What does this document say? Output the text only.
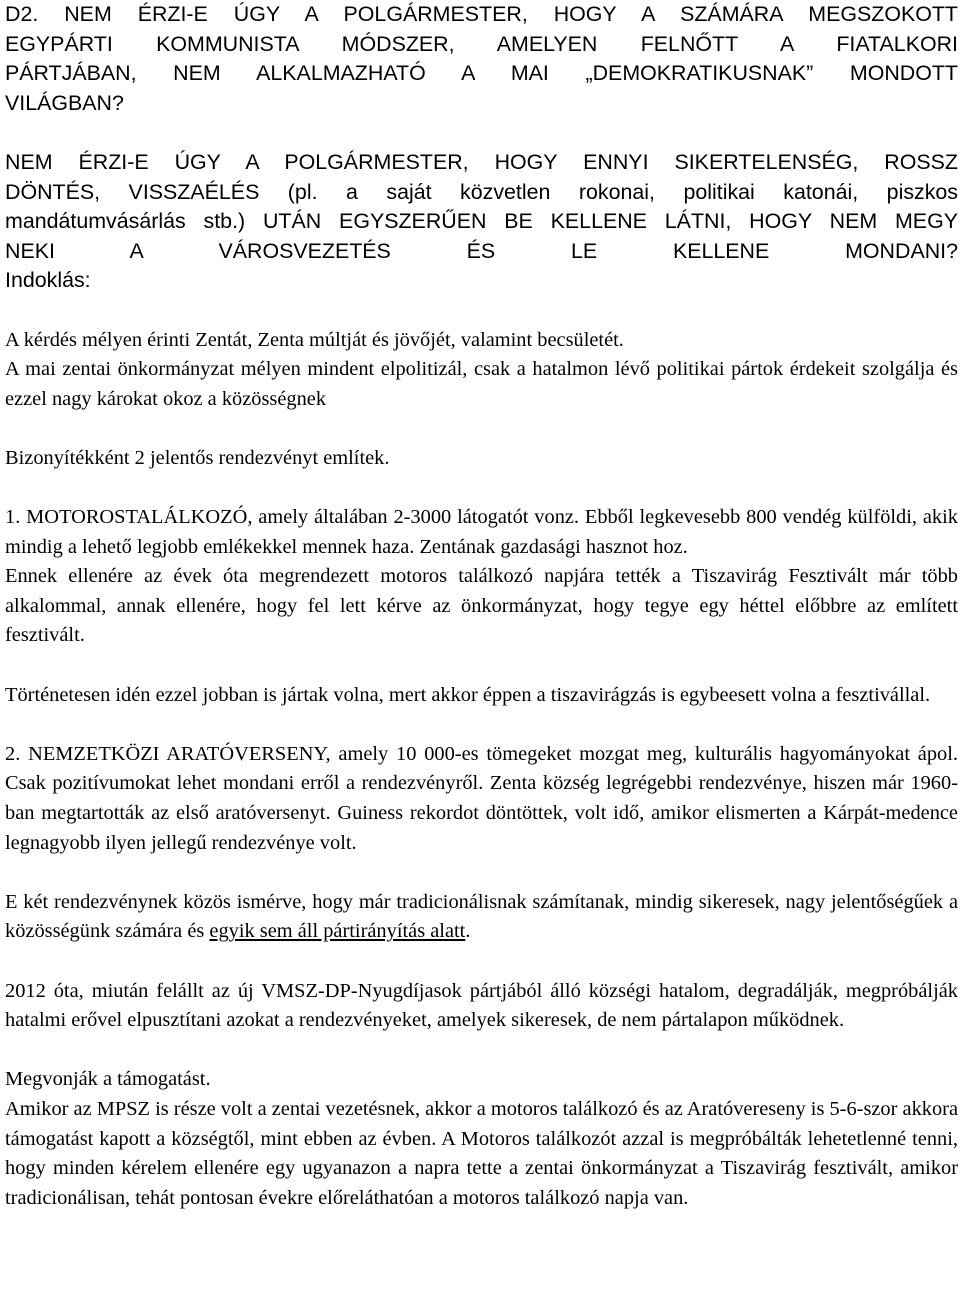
D2. NEM ÉRZI-E ÚGY A POLGÁRMESTER, HOGY A SZÁMÁRA MEGSZOKOTT

EGYPÁRTI KOMMUNISTA MÓDSZER, AMELYEN FELNŐTT A FIATALKORI

PÁRTJÁBAN, NEM ALKALMAZHATÓ A MAI „DEMOKRATIKUSNAK” MONDOTT

VILÁGBAN?

NEM ÉRZI-E ÚGY A POLGÁRMESTER, HOGY ENNYI SIKERTELENSÉG, ROSSZ

DÖNTÉS, VISSZAÉLÉS (pl. a saját közvetlen rokonai, politikai katonái, piszkos

mandátumvásárlás stb.) UTÁN EGYSZERŰEN BE KELLENE LÁTNI, HOGY NEM MEGY

NEKI A VÁROSVEZETÉS ÉS LE KELLENE MONDANI?

Indoklás:

A kérdés mélyen érinti Zentát, Zenta múltját és jövőjét, valamint becsületét.

A mai zentai önkormányzat mélyen mindent elpolitizál, csak a hatalmon lévő politikai pártok érdekeit szolgálja és ezzel nagy károkat okoz a közösségnek

Bizonyítékként 2 jelentős rendezvényt említek.

1. MOTOROSTALÁLKOZÓ, amely általában 2-3000 látogatót vonz. Ebből legkevesebb 800 vendég külföldi, akik mindig a lehető legjobb emlékekkel mennek haza. Zentának gazdasági hasznot hoz.

Ennek ellenére az évek óta megrendezett motoros találkozó napjára tették a Tiszavirág Fesztivált már több alkalommal, annak ellenére, hogy fel lett kérve az önkormányzat, hogy tegye egy héttel előbbre az említett fesztivált.

Történetesen idén ezzel jobban is jártak volna, mert akkor éppen a tiszavirágzás is egybeesett volna a fesztivállal.

2. NEMZETKÖZI ARATÓVERSENY, amely 10 000-es tömegeket mozgat meg, kulturális hagyományokat ápol. Csak pozitívumokat lehet mondani erről a rendezvényről. Zenta község legrégebbi rendezvénye, hiszen már 1960-ban megtartották az első aratóversenyt. Guiness rekordot döntöttek, volt idő, amikor elismerten a Kárpát-medence legnagyobb ilyen jellegű rendezvénye volt.

E két rendezvénynek közös ismérve, hogy már tradicionálisnak számítanak, mindig sikeresek, nagy jelentőségűek a közösségünk számára és egyik sem áll pártirányítás alatt.

2012 óta, miután felállt az új VMSZ-DP-Nyugdíjasok pártjából álló községi hatalom, degradálják, megpróbálják hatalmi erővel elpusztítani azokat a rendezvényeket, amelyek sikeresek, de nem pártalapon működnek.

Megvonják a támogatást.

Amikor az MPSZ is része volt a zentai vezetésnek, akkor a motoros találkozó és az Aratóvereseny is 5-6-szor akkora támogatást kapott a községtől, mint ebben az évben. A Motoros találkozót azzal is megpróbálták lehetetlenné tenni, hogy minden kérelem ellenére egy ugyanazon a napra tette a zentai önkormányzat a Tiszavirág fesztivált, amikor tradicionálisan, tehát pontosan évekre előreláthatóan a motoros találkozó napja van.
